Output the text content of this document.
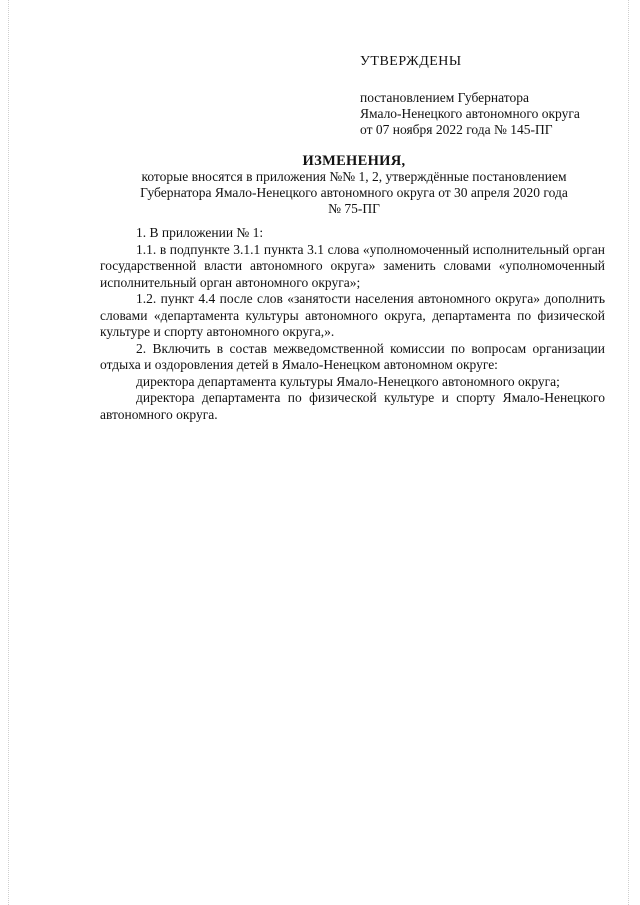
УТВЕРЖДЕНЫ
постановлением Губернатора
Ямало-Ненецкого автономного округа
от 07 ноября 2022 года № 145-ПГ
ИЗМЕНЕНИЯ,
которые вносятся в приложения №№ 1, 2, утверждённые постановлением
Губернатора Ямало-Ненецкого автономного округа от 30 апреля 2020 года
№ 75-ПГ

1. В приложении № 1:

1.1. в подпункте 3.1.1 пункта 3.1 слова «уполномоченный исполнительный орган государственной власти автономного округа» заменить словами «уполномоченный исполнительный орган автономного округа»;

1.2. пункт 4.4 после слов «занятости населения автономного округа» дополнить словами «департамента культуры автономного округа, департамента по физической культуре и спорту автономного округа,».

2. Включить в состав межведомственной комиссии по вопросам организации отдыха и оздоровления детей в Ямало-Ненецком автономном округе:

директора департамента культуры Ямало-Ненецкого автономного округа;

директора департамента по физической культуре и спорту Ямало-Ненецкого автономного округа.
